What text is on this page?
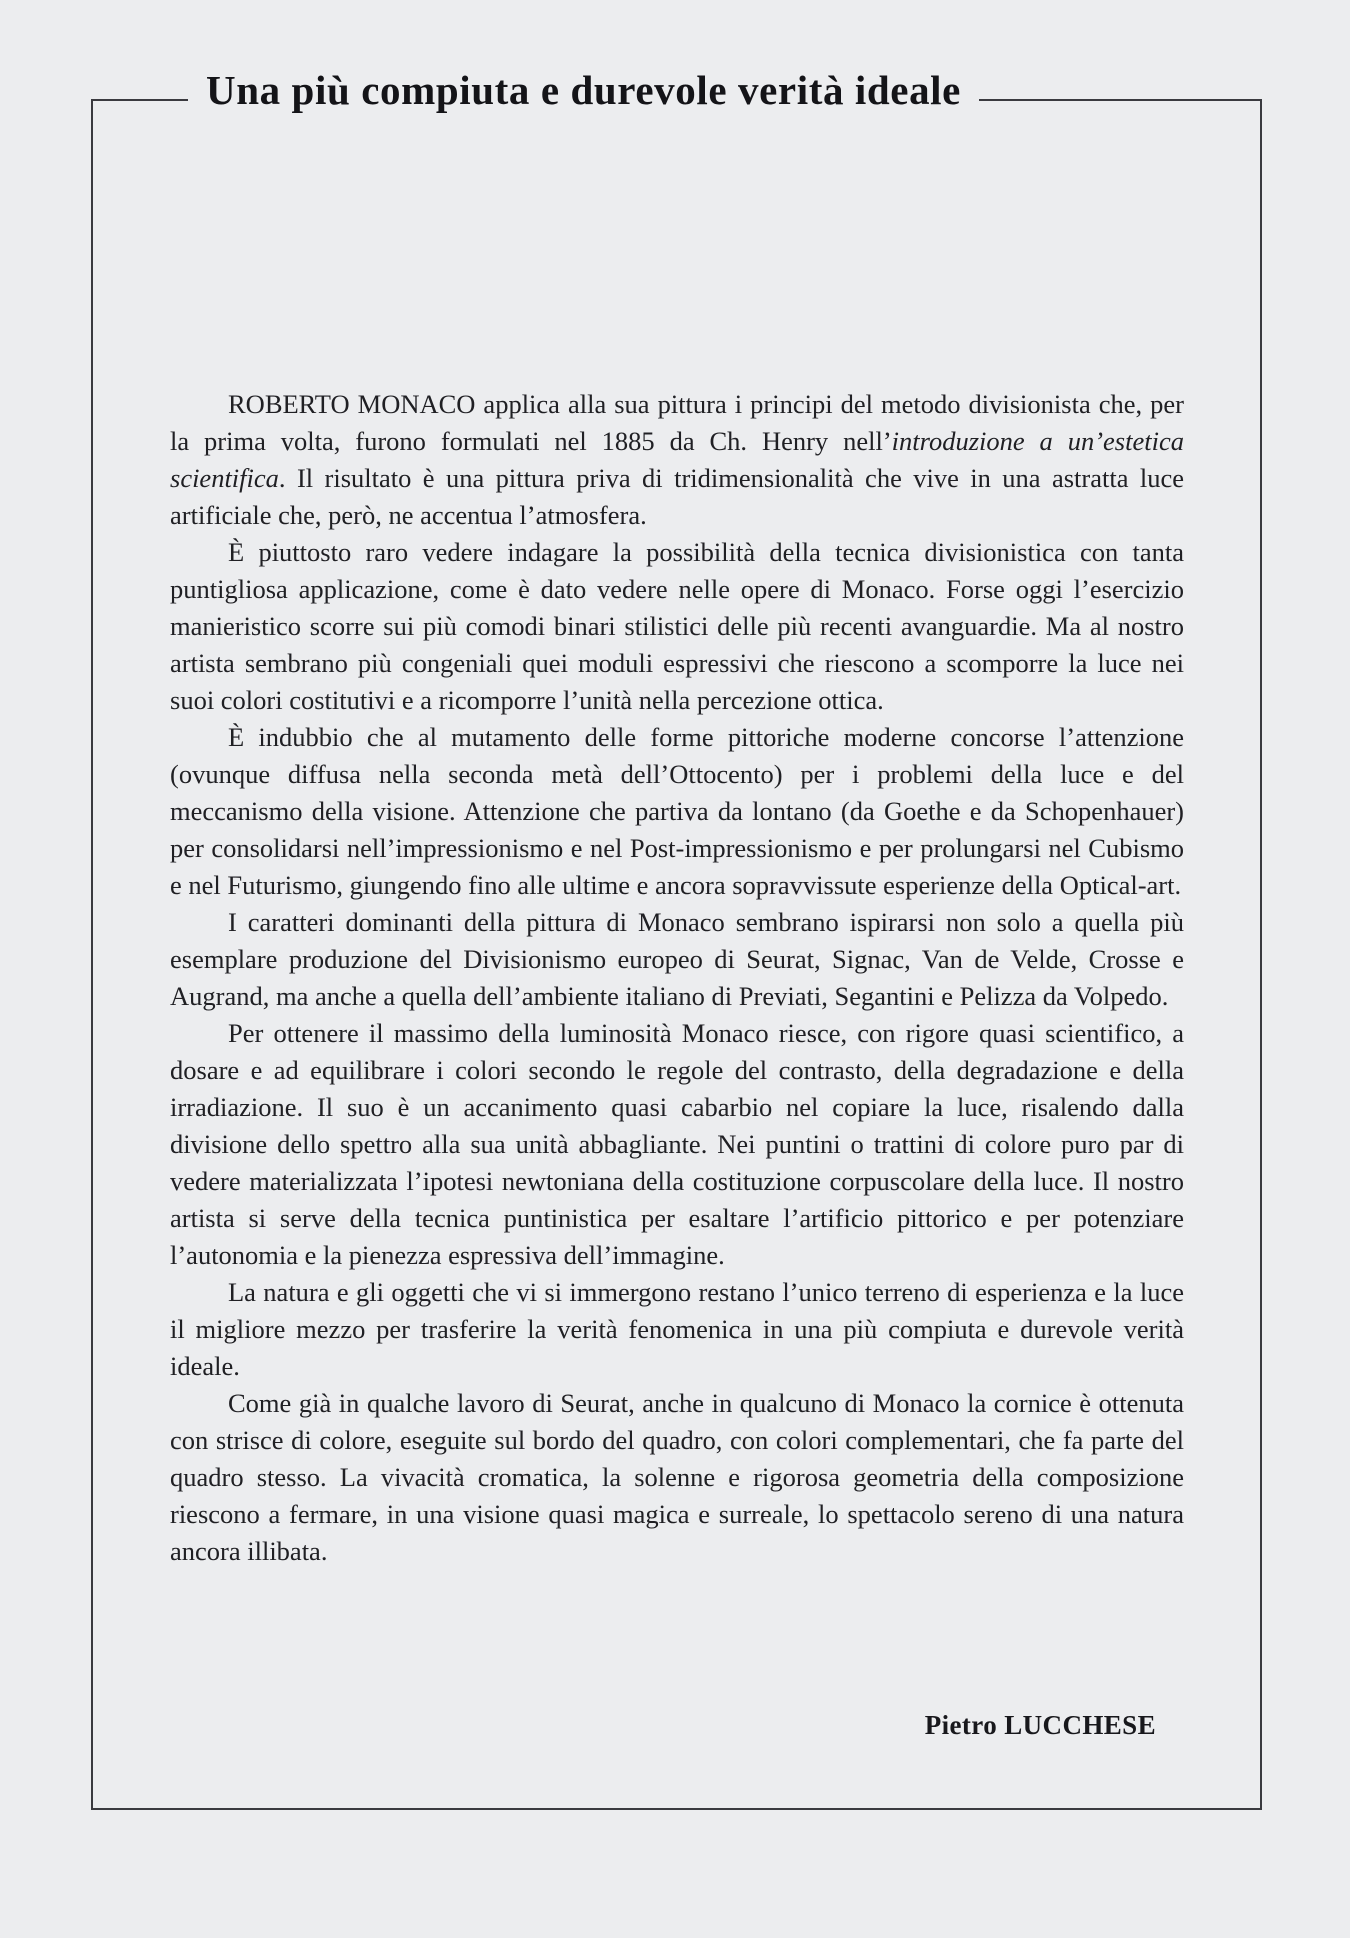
Una più compiuta e durevole verità ideale

ROBERTO MONACO applica alla sua pittura i principi del metodo divisionista che, per la prima volta, furono formulati nel 1885 da Ch. Henry nell’introduzione a un’estetica scientifica. Il risultato è una pittura priva di tridimensionalità che vive in una astratta luce artificiale che, però, ne accentua l’atmosfera.

È piuttosto raro vedere indagare la possibilità della tecnica divisionistica con tanta puntigliosa applicazione, come è dato vedere nelle opere di Monaco. Forse oggi l’esercizio manieristico scorre sui più comodi binari stilistici delle più recenti avanguardie. Ma al nostro artista sembrano più congeniali quei moduli espressivi che riescono a scomporre la luce nei suoi colori costitutivi e a ricomporre l’unità nella percezione ottica.

È indubbio che al mutamento delle forme pittoriche moderne concorse l’attenzione (ovunque diffusa nella seconda metà dell’Ottocento) per i problemi della luce e del meccanismo della visione. Attenzione che partiva da lontano (da Goethe e da Schopenhauer) per consolidarsi nell’impressionismo e nel Post-impressionismo e per prolungarsi nel Cubismo e nel Futurismo, giungendo fino alle ultime e ancora sopravvissute esperienze della Optical-art.

I caratteri dominanti della pittura di Monaco sembrano ispirarsi non solo a quella più esemplare produzione del Divisionismo europeo di Seurat, Signac, Van de Velde, Crosse e Augrand, ma anche a quella dell’ambiente italiano di Previati, Segantini e Pelizza da Volpedo.

Per ottenere il massimo della luminosità Monaco riesce, con rigore quasi scientifico, a dosare e ad equilibrare i colori secondo le regole del contrasto, della degradazione e della irradiazione. Il suo è un accanimento quasi cabarbio nel copiare la luce, risalendo dalla divisione dello spettro alla sua unità abbagliante. Nei puntini o trattini di colore puro par di vedere materializzata l’ipotesi newtoniana della costituzione corpuscolare della luce. Il nostro artista si serve della tecnica puntinistica per esaltare l’artificio pittorico e per potenziare l’autonomia e la pienezza espressiva dell’immagine.

La natura e gli oggetti che vi si immergono restano l’unico terreno di esperienza e la luce il migliore mezzo per trasferire la verità fenomenica in una più compiuta e durevole verità ideale.

Come già in qualche lavoro di Seurat, anche in qualcuno di Monaco la cornice è ottenuta con strisce di colore, eseguite sul bordo del quadro, con colori complementari, che fa parte del quadro stesso. La vivacità cromatica, la solenne e rigorosa geometria della composizione riescono a fermare, in una visione quasi magica e surreale, lo spettacolo sereno di una natura ancora illibata.

Pietro LUCCHESE
